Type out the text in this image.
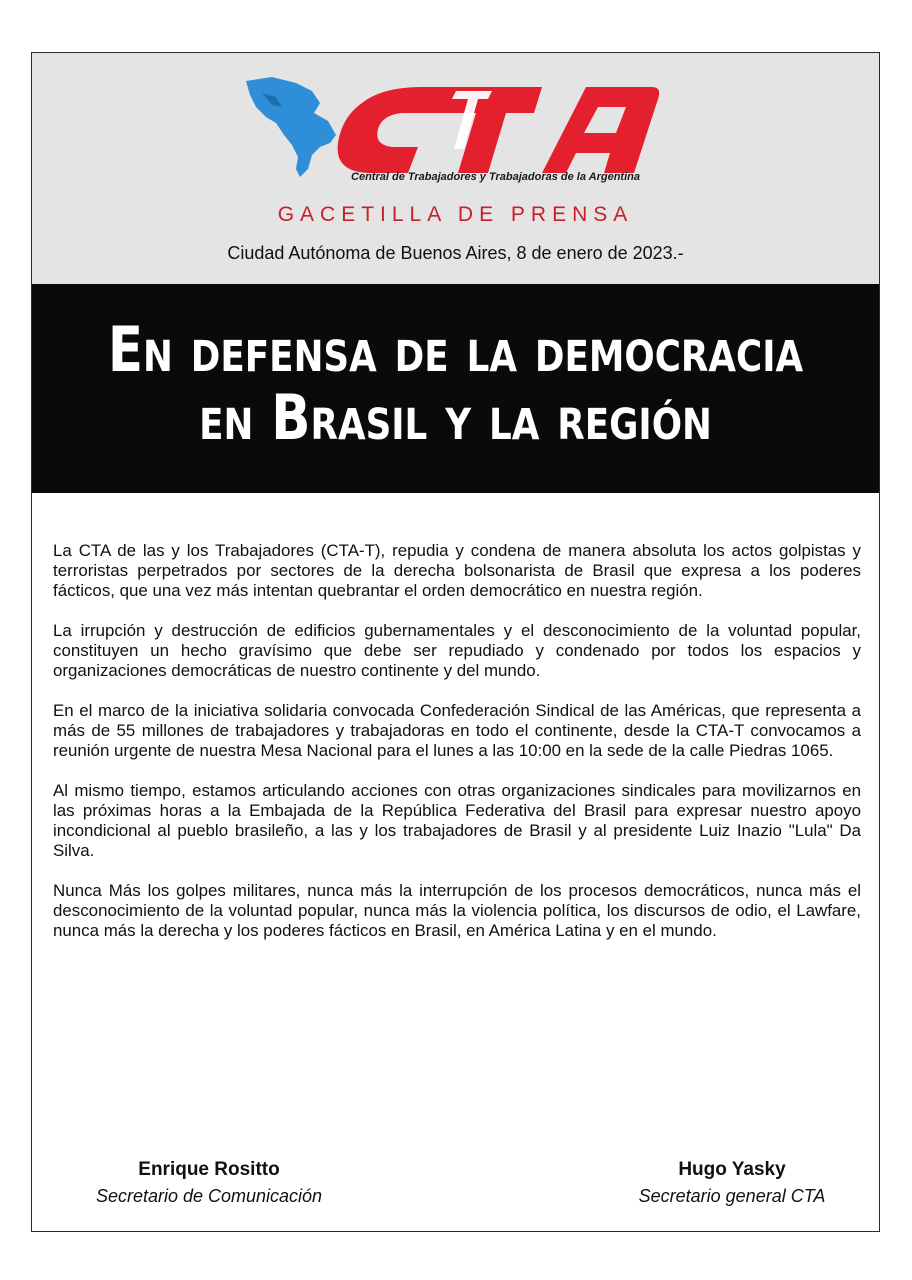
CTA
Central de Trabajadores y Trabajadoras de la Argentina
GACETILLA DE PRENSA
Ciudad Autónoma de Buenos Aires, 8 de enero de 2023.-
En defensa de la democracia
en Brasil y la región

La CTA de las y los Trabajadores (CTA-T), repudia y condena de manera absoluta los actos golpistas y terroristas perpetrados por sectores de la derecha bolsonarista de Brasil que expresa a los poderes fácticos, que una vez más intentan quebrantar el orden democrático en nuestra región.

La irrupción y destrucción de edificios gubernamentales y el desconocimiento de la voluntad popular, constituyen un hecho gravísimo que debe ser repudiado y condenado por todos los espacios y organizaciones democráticas de nuestro continente y del mundo.

En el marco de la iniciativa solidaria convocada Confederación Sindical de las Américas, que representa a más de 55 millones de trabajadores y trabajadoras en todo el continente, desde la CTA-T convocamos a reunión urgente de nuestra Mesa Nacional para el lunes a las 10:00 en la sede de la calle Piedras 1065.

Al mismo tiempo, estamos articulando acciones con otras organizaciones sindicales para movilizarnos en las próximas horas a la Embajada de la República Federativa del Brasil para expresar nuestro apoyo incondicional al pueblo brasileño, a las y los trabajadores de Brasil y al presidente Luiz Inazio "Lula" Da Silva.

Nunca Más los golpes militares, nunca más la interrupción de los procesos democráticos, nunca más el desconocimiento de la voluntad popular, nunca más la violencia política, los discursos de odio, el Lawfare, nunca más la derecha y los poderes fácticos en Brasil, en América Latina y en el mundo.

Enrique Rositto
Secretario de Comunicación
Hugo Yasky
Secretario general CTA
